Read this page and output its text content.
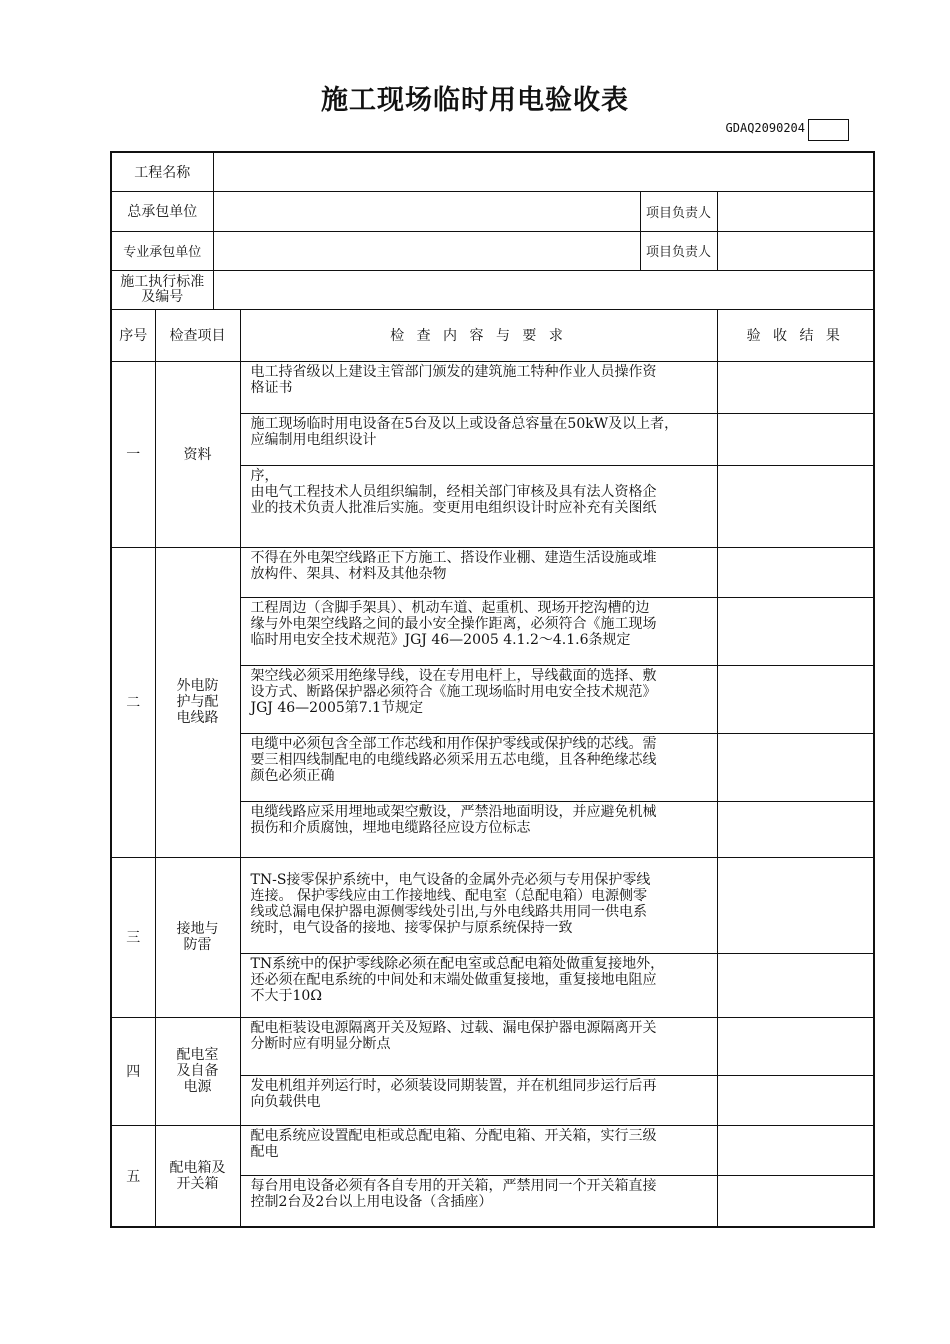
施工现场临时用电验收表
GDAQ2090204
工程名称					
总承包单位				项目负责人	
专业承包单位				项目负责人	
施工执行标准及编号					
序号	检查项目		检 查 内 容 与 要 求		验 收 结 果
一	资料		电工持省级以上建设主管部门颁发的建筑施工特种作业人员操作资
格证书		

			施工现场临时用电设备在5台及以上或设备总容量在50kW及以上者，
应编制用电组织设计		

			序，
由电气工程技术人员组织编制，经相关部门审核及具有法人资格企
业的技术负责人批准后实施。变更用电组织设计时应补充有关图纸		

二	外电防护与配电线路		不得在外电架空线路正下方施工、搭设作业棚、建造生活设施或堆
放构件、架具、材料及其他杂物		

			工程周边（含脚手架具）、机动车道、起重机、现场开挖沟槽的边
缘与外电架空线路之间的最小安全操作距离，必须符合《施工现场
临时用电安全技术规范》JGJ 46—2005 4.1.2～4.1.6条规定		

			架空线必须采用绝缘导线，设在专用电杆上，导线截面的选择、敷
设方式、断路保护器必须符合《施工现场临时用电安全技术规范》
JGJ 46—2005第7.1节规定		

			电缆中必须包含全部工作芯线和用作保护零线或保护线的芯线。需
要三相四线制配电的电缆线路必须采用五芯电缆，且各种绝缘芯线
颜色必须正确		

			电缆线路应采用埋地或架空敷设，严禁沿地面明设，并应避免机械
损伤和介质腐蚀，埋地电缆路径应设方位标志		

三	接地与防雷		TN-S接零保护系统中，电气设备的金属外壳必须与专用保护零线
连接。 保护零线应由工作接地线、配电室（总配电箱）电源侧零
线或总漏电保护器电源侧零线处引出,与外电线路共用同一供电系
统时，电气设备的接地、接零保护与原系统保持一致		

			TN系统中的保护零线除必须在配电室或总配电箱处做重复接地外，
还必须在配电系统的中间处和末端处做重复接地，重复接地电阻应
不大于10Ω		

四	配电室及自备电源		配电柜装设电源隔离开关及短路、过载、漏电保护器电源隔离开关
分断时应有明显分断点		

			发电机组并列运行时，必须装设同期装置，并在机组同步运行后再
向负载供电		

五	配电箱及开关箱		配电系统应设置配电柜或总配电箱、分配电箱、开关箱，实行三级
配电		

			每台用电设备必须有各自专用的开关箱，严禁用同一个开关箱直接
控制2台及2台以上用电设备（含插座）		
